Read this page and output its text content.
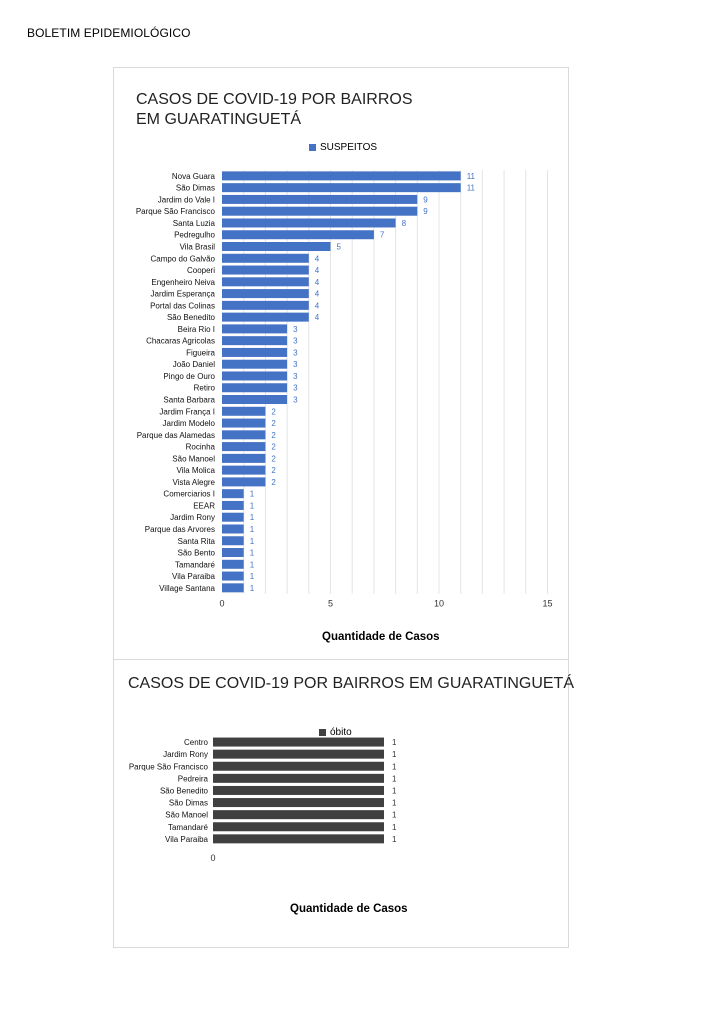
BOLETIM EPIDEMIOLÓGICO
CASOS DE COVID-19 POR BAIRROS EM GUARATINGUETÁ
SUSPEITOS
0	5	10	15
Nova Guara	11
São Dimas	11
Jardim do Vale I	9
Parque São Francisco	9
Santa Luzia	8
Pedregulho	7
Vila Brasil	5
Campo do Galvão	4
Cooperi	4
Engenheiro Neiva	4
Jardim Esperança	4
Portal das Colinas	4
São Benedito	4
Beira Rio I	3
Chacaras Agricolas	3
Figueira	3
João Daniel	3
Pingo de Ouro	3
Retiro	3
Santa Barbara	3
Jardim França I	2
Jardim Modelo	2
Parque das Alamedas	2
Rocinha	2
São Manoel	2
Vila Molica	2
Vista Alegre	2
Comerciarios I	1
EEAR	1
Jardim Rony	1
Parque das Arvores	1
Santa Rita	1
São Bento	1
Tamandaré	1
Vila Paraiba	1
Village Santana	1
Quantidade de Casos
CASOS DE COVID-19 POR BAIRROS EM GUARATINGUETÁ
óbito
0
Centro	1
Jardim Rony	1
Parque São Francisco	1
Pedreira	1
São Benedito	1
São Dimas	1
São Manoel	1
Tamandaré	1
Vila Paraiba	1
Quantidade de Casos
